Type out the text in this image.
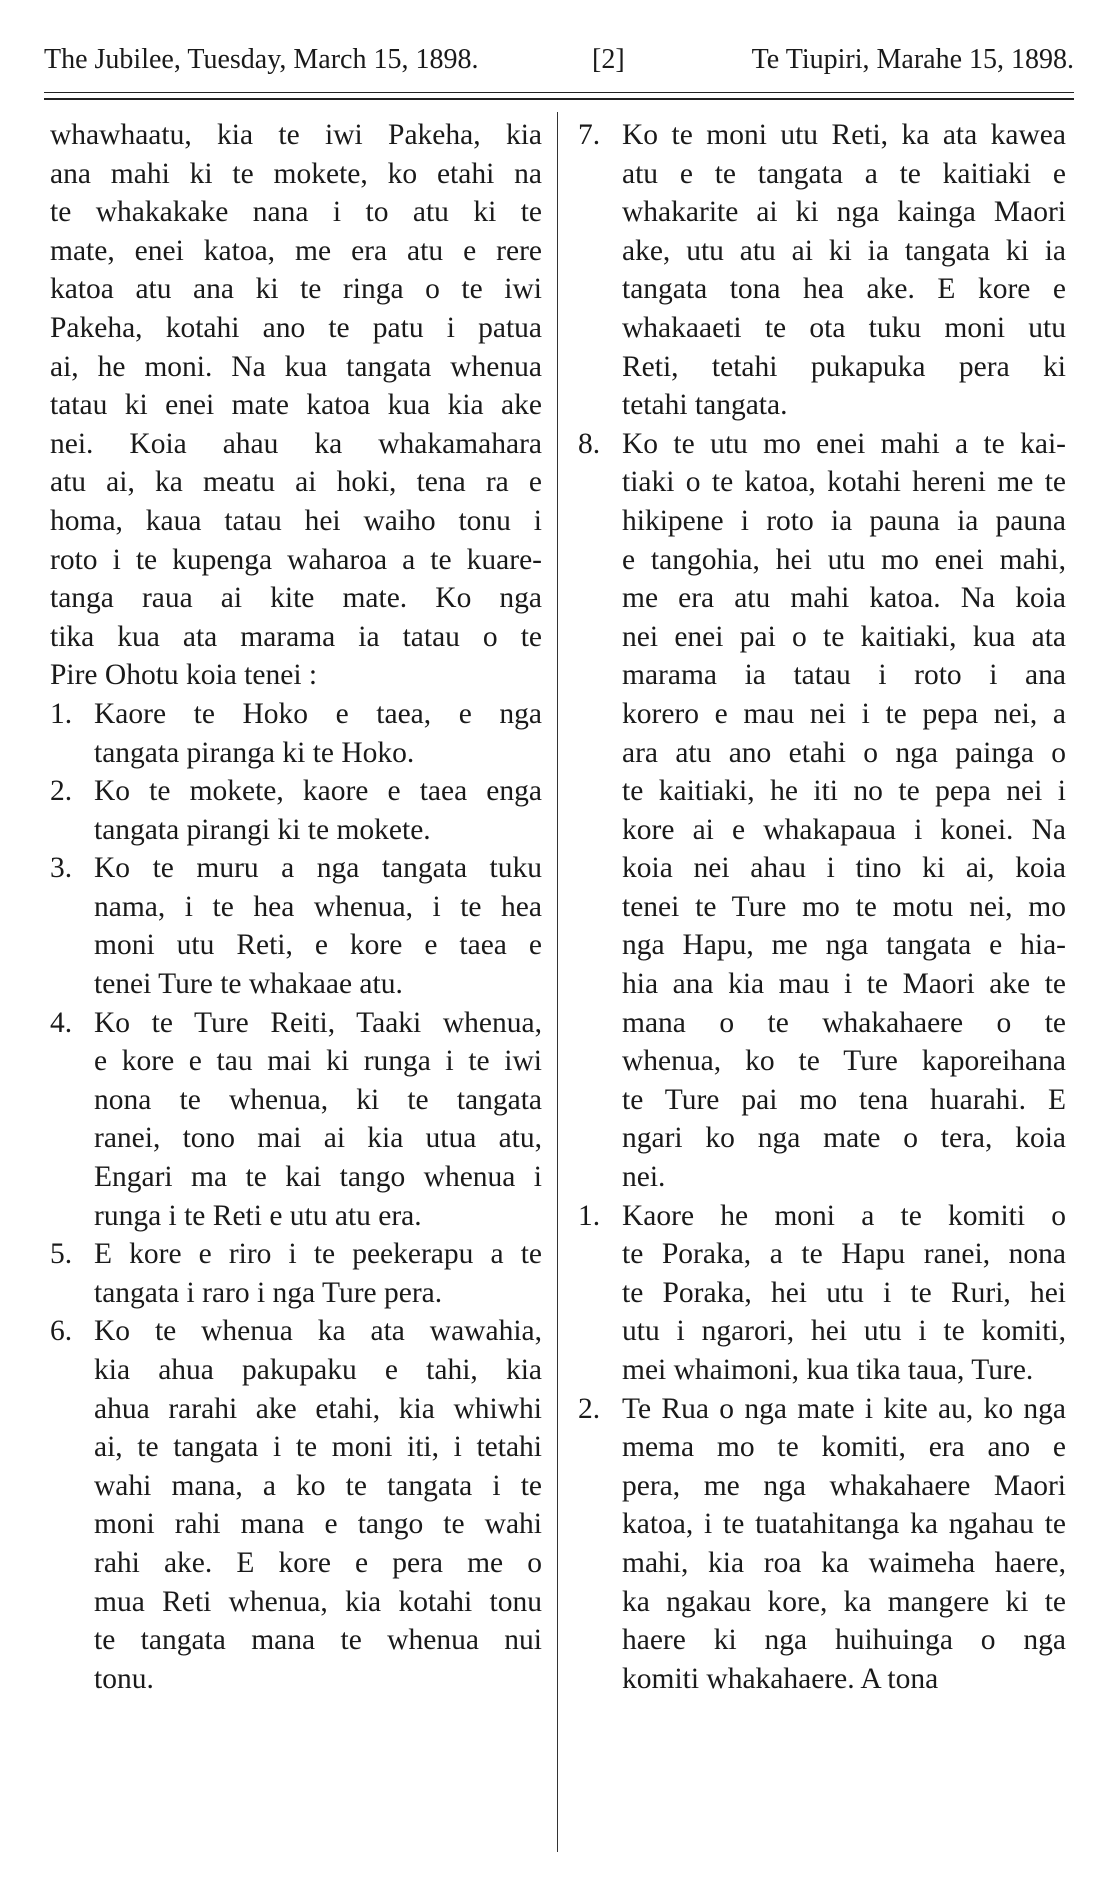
The Jubilee, Tuesday, March 15, 1898.	[2]	Te Tiupiri, Marahe 15, 1898.
whawhaatu, kia te iwi Pakeha, kia
ana mahi ki te mokete, ko etahi na
te whakakake nana i to atu ki te
mate, enei katoa, me era atu e rere
katoa atu ana ki te ringa o te iwi
Pakeha, kotahi ano te patu i patua
ai, he moni. Na kua tangata whenua
tatau ki enei mate katoa kua kia ake
nei. Koia ahau ka whakamahara
atu ai, ka meatu ai hoki, tena ra e
homa, kaua tatau hei waiho tonu i
roto i te kupenga waharoa a te kuare-
tanga raua ai kite mate. Ko nga
tika kua ata marama ia tatau o te
Pire Ohotu koia tenei :
1. Kaore te Hoko e taea, e nga
tangata piranga ki te Hoko.
2. Ko te mokete, kaore e taea enga
tangata pirangi ki te mokete.
3. Ko te muru a nga tangata tuku
nama, i te hea whenua, i te hea
moni utu Reti, e kore e taea e
tenei Ture te whakaae atu.
4. Ko te Ture Reiti, Taaki whenua,
e kore e tau mai ki runga i te iwi
nona te whenua, ki te tangata
ranei, tono mai ai kia utua atu,
Engari ma te kai tango whenua i
runga i te Reti e utu atu era.
5. E kore e riro i te peekerapu a te
tangata i raro i nga Ture pera.
6. Ko te whenua ka ata wawahia,
kia ahua pakupaku e tahi, kia
ahua rarahi ake etahi, kia whiwhi
ai, te tangata i te moni iti, i tetahi
wahi mana, a ko te tangata i te
moni rahi mana e tango te wahi
rahi ake. E kore e pera me o
mua Reti whenua, kia kotahi tonu
te tangata mana te whenua nui
tonu.
7. Ko te moni utu Reti, ka ata kawea
atu e te tangata a te kaitiaki e
whakarite ai ki nga kainga Maori
ake, utu atu ai ki ia tangata ki ia
tangata tona hea ake. E kore e
whakaaeti te ota tuku moni utu
Reti, tetahi pukapuka pera ki
tetahi tangata.
8. Ko te utu mo enei mahi a te kai-
tiaki o te katoa, kotahi hereni me te
hikipene i roto ia pauna ia pauna
e tangohia, hei utu mo enei mahi,
me era atu mahi katoa. Na koia
nei enei pai o te kaitiaki, kua ata
marama ia tatau i roto i ana
korero e mau nei i te pepa nei, a
ara atu ano etahi o nga painga o
te kaitiaki, he iti no te pepa nei i
kore ai e whakapaua i konei. Na
koia nei ahau i tino ki ai, koia
tenei te Ture mo te motu nei, mo
nga Hapu, me nga tangata e hia-
hia ana kia mau i te Maori ake te
mana o te whakahaere o te
whenua, ko te Ture kaporeihana
te Ture pai mo tena huarahi. E
ngari ko nga mate o tera, koia
nei.
1. Kaore he moni a te komiti o
te Poraka, a te Hapu ranei, nona
te Poraka, hei utu i te Ruri, hei
utu i ngarori, hei utu i te komiti,
mei whaimoni, kua tika taua, Ture.
2. Te Rua o nga mate i kite au, ko nga
mema mo te komiti, era ano e
pera, me nga whakahaere Maori
katoa, i te tuatahitanga ka ngahau te
mahi, kia roa ka waimeha haere,
ka ngakau kore, ka mangere ki te
haere ki nga huihuinga o nga
komiti whakahaere. A tona
